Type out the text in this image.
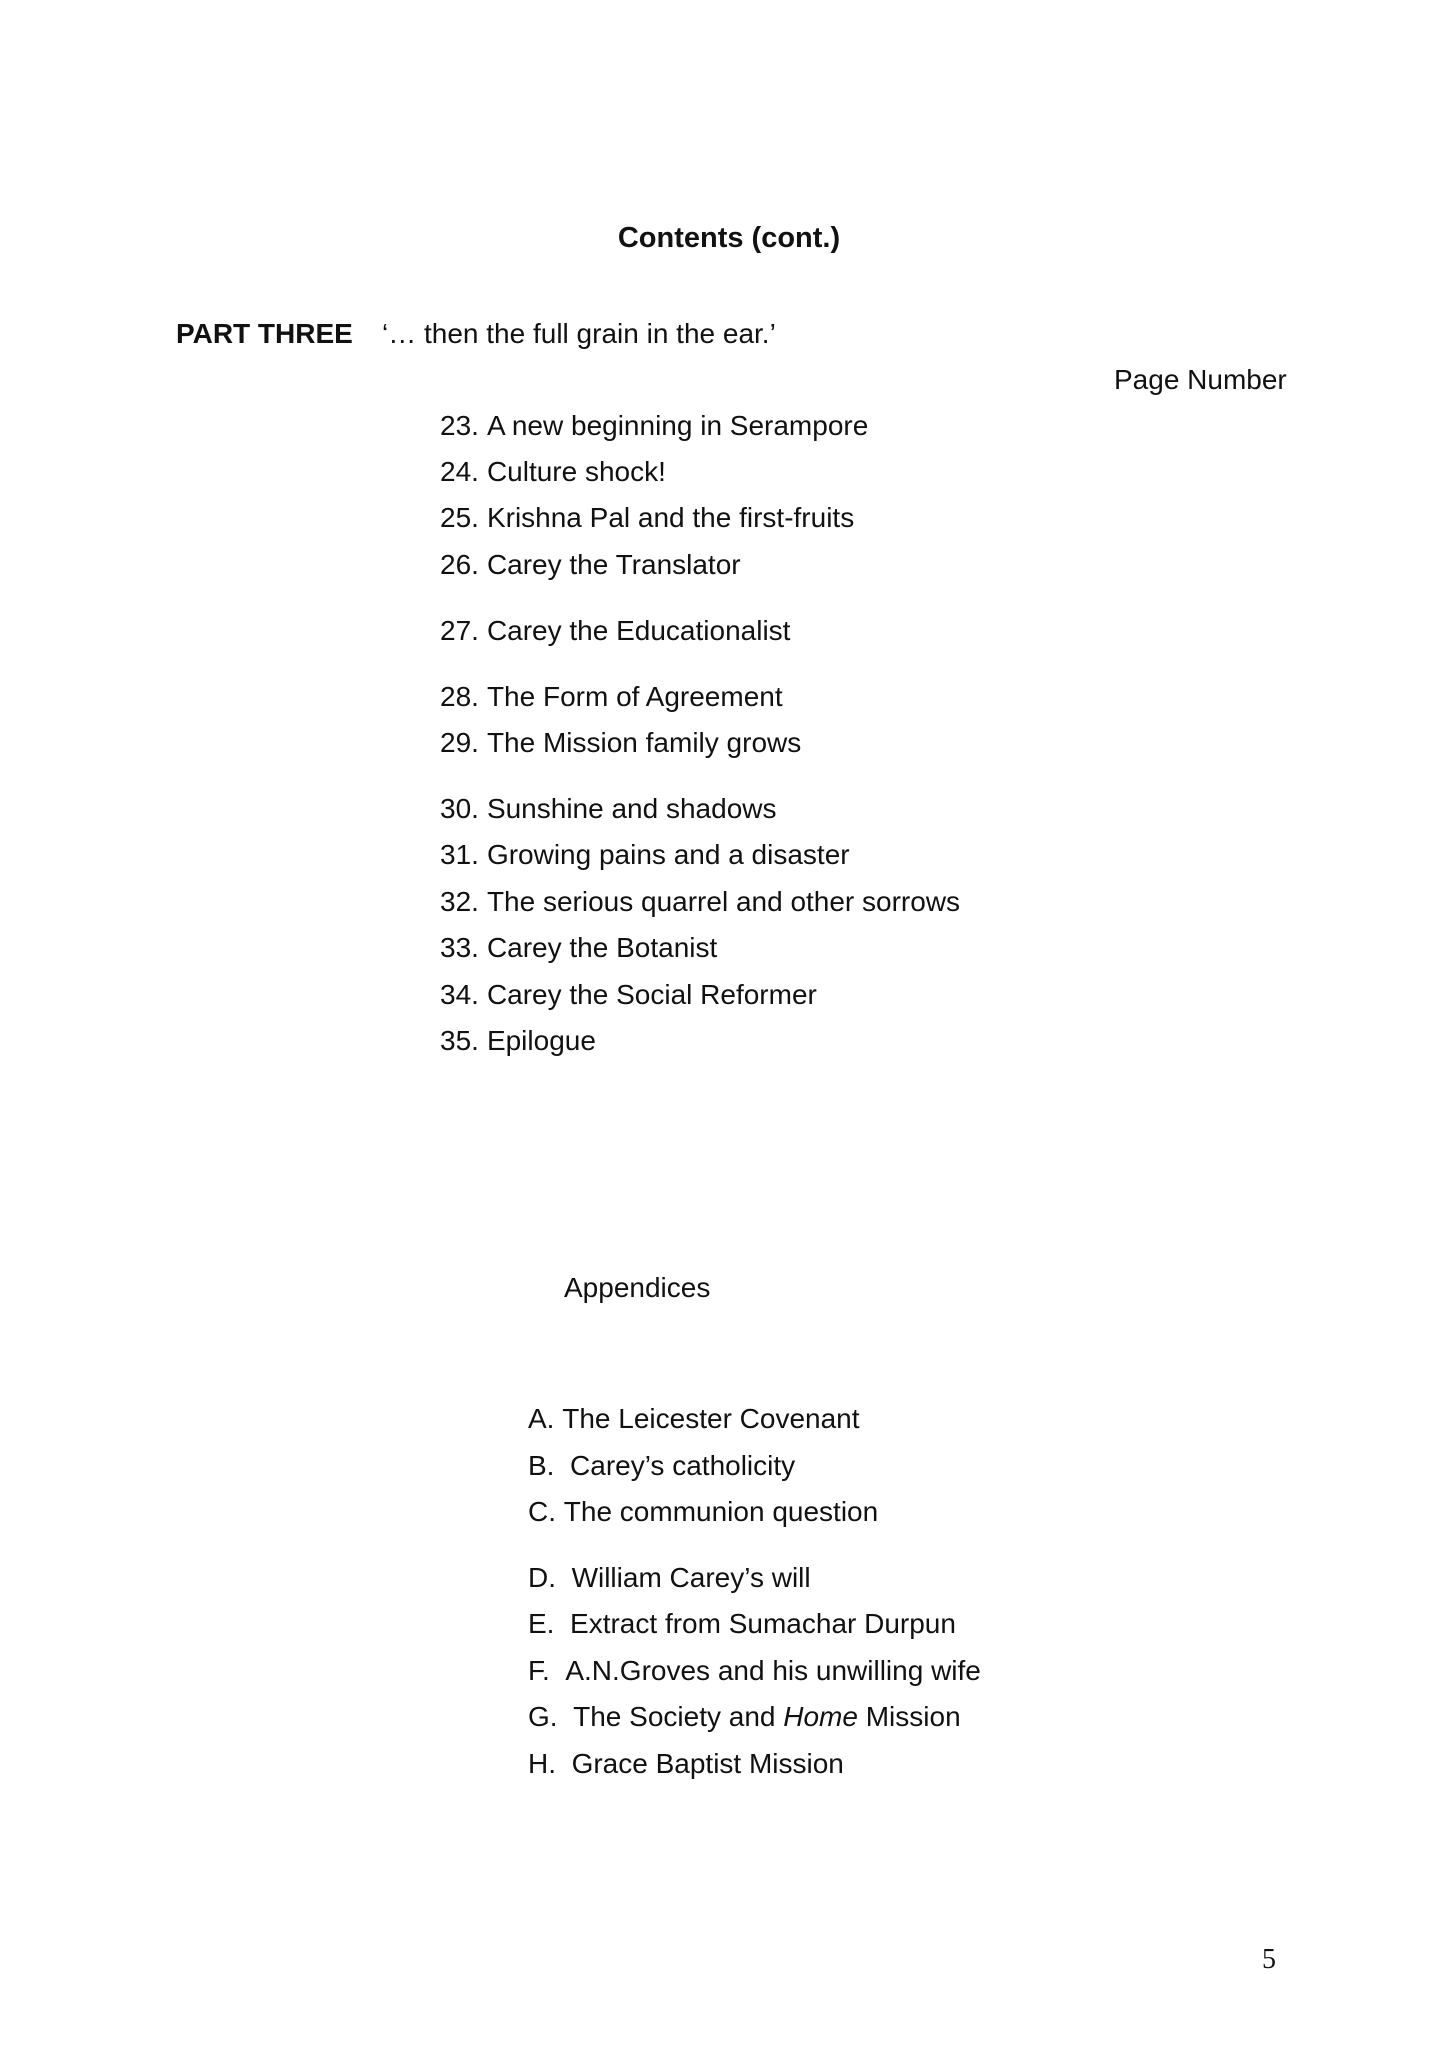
Contents (cont.)
PART THREE ‘… then the full grain in the ear.’
Page Number
23.A new beginning in Serampore
24.Culture shock!
25. Krishna Pal and the first-fruits
26. Carey the Translator
27. Carey the Educationalist
28.The Form of Agreement
29. The Mission family grows
30.Sunshine and shadows
31.Growing pains and a disaster
32.The serious quarrel and other sorrows
33.Carey the Botanist
34.Carey the Social Reformer
35.Epilogue
Appendices
A. The Leicester Covenant
B.  Carey’s catholicity
C. The communion question
D.  William Carey’s will
E.  Extract from Sumachar Durpun
F.  A.N.Groves and his unwilling wife
G.  The Society and Home Mission
H.  Grace Baptist Mission
5
